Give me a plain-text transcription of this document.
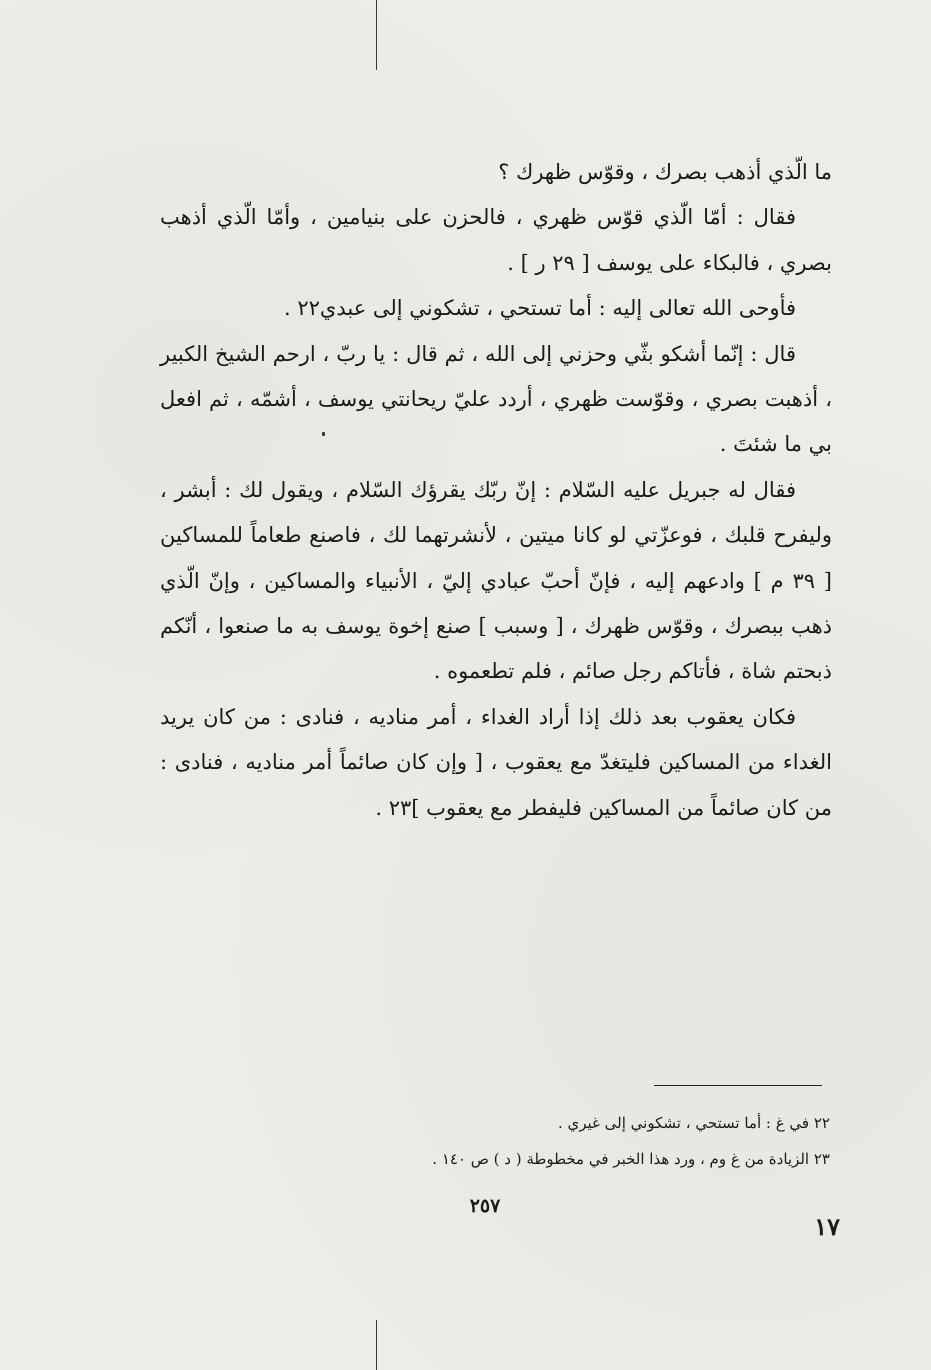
ما الّذي أذهب بصرك ، وقوّس ظهرك ؟

فقال : أمّا الّذي قوّس ظهري ، فالحزن على بنيامين ، وأمّا الّذي أذهب بصري ، فالبكاء على يوسف [ ٢٩ ر ] .

فأوحى الله تعالى إليه : أما تستحي ، تشكوني إلى عبدي٢٢ .

قال : إنّما أشكو بثّي وحزني إلى الله ، ثم قال : يا ربّ ، ارحم الشيخ الكبير ، أذهبت بصري ، وقوّست ظهري ، أردد عليّ ريحانتي يوسف ، أشمّه ، ثم افعل بي ما شئتَ .

فقال له جبريل عليه السّلام : إنّ ربّك يقرؤك السّلام ، ويقول لك : أبشر ، وليفرح قلبك ، فوعزّتي لو كانا ميتين ، لأنشرتهما لك ، فاصنع طعاماً للمساكين [ ٣٩ م ] وادعهم إليه ، فإنّ أحبّ عبادي إليّ ، الأنبياء والمساكين ، وإنّ الّذي ذهب ببصرك ، وقوّس ظهرك ، [ وسبب ] صنع إخوة يوسف به ما صنعوا ، أنّكم ذبحتم شاة ، فأتاكم رجل صائم ، فلم تطعموه .

فكان يعقوب بعد ذلك إذا أراد الغداء ، أمر مناديه ، فنادى : من كان يريد الغداء من المساكين فليتغدّ مع يعقوب ، [ وإن كان صائماً أمر مناديه ، فنادى : من كان صائماً من المساكين فليفطر مع يعقوب ]٢٣ .

٢٢ في غ : أما تستحي ، تشكوني إلى غيري .

٢٣ الزيادة من غ وم ، ورد هذا الخبر في مخطوطة ( د ) ص ١٤٠ .

٢٥٧
١٧
